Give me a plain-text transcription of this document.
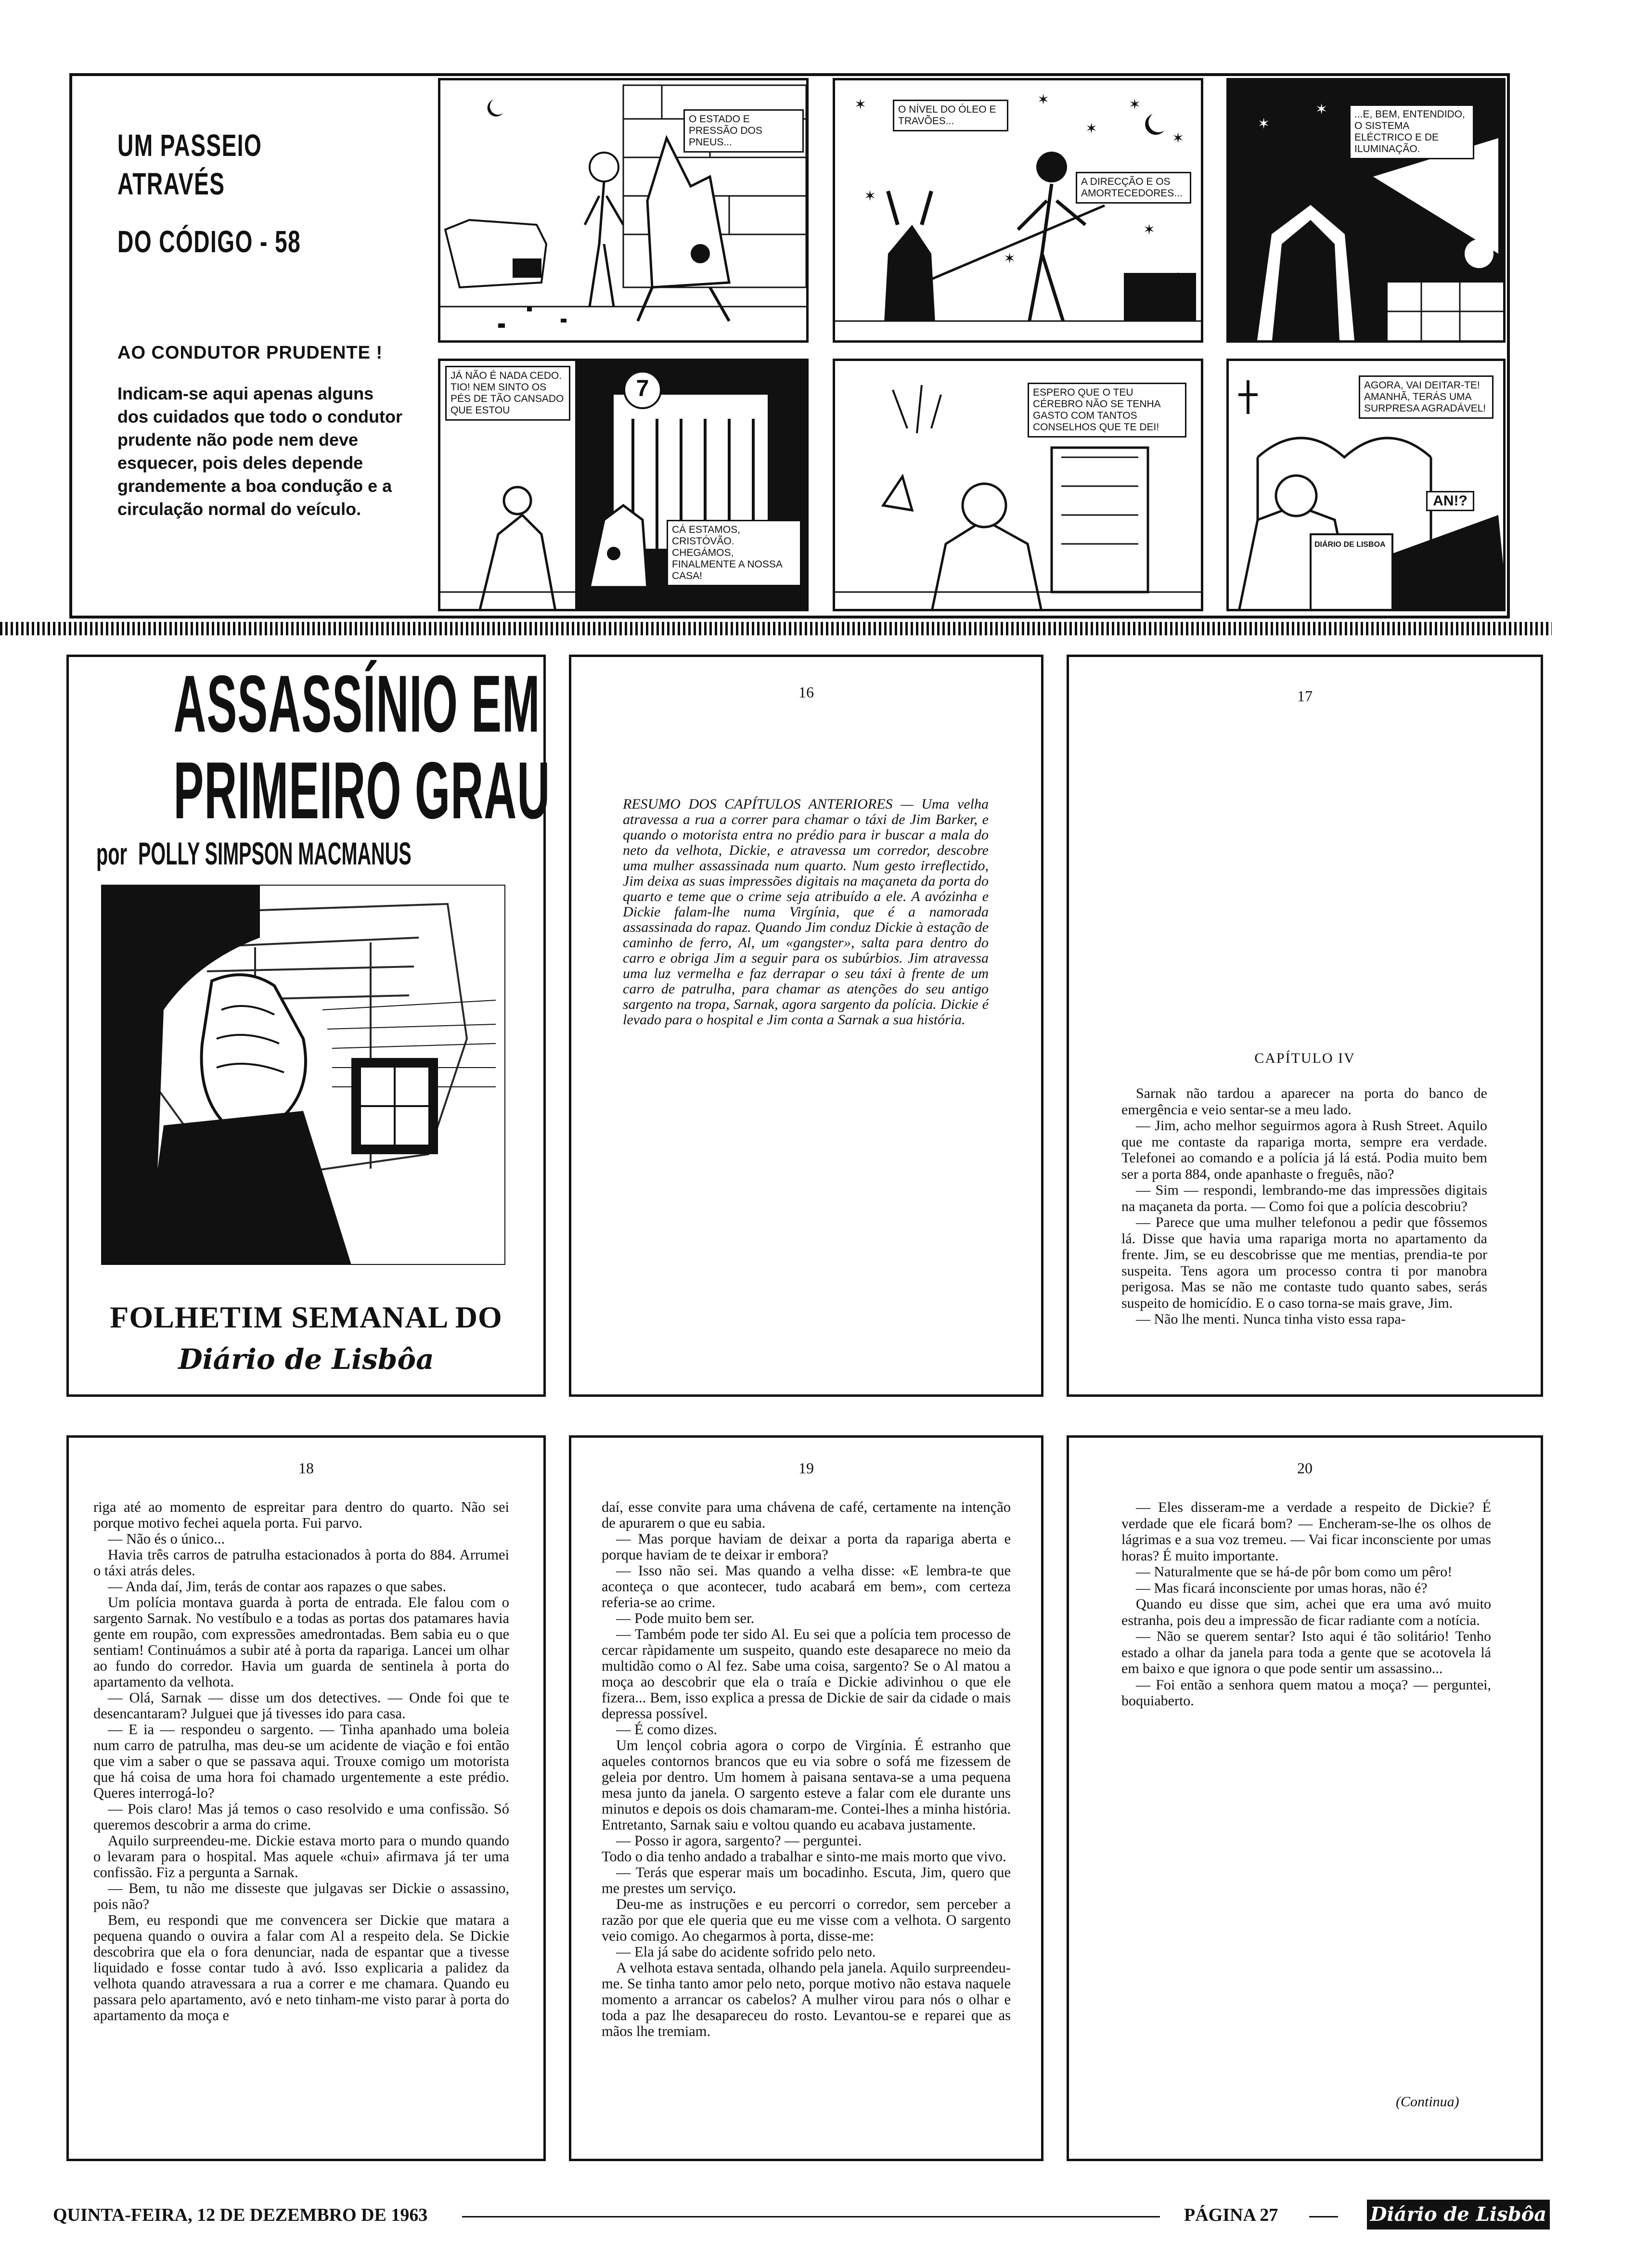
UM PASSEIO ATRAVÉS
DO CÓDIGO - 58
AO CONDUTOR PRUDENTE !
Indicam-se aqui apenas alguns dos cuidados que todo o condutor prudente não pode nem deve esquecer, pois deles depende grandemente a boa condução e a circulação normal do veículo.
O ESTADO E PRESSÃO DOS PNEUS...
✶	✶
✶
✶
✶
✶
✶
✶
O NÍVEL DO ÓLEO E TRAVÕES...
A DIRECÇÃO E OS AMORTECEDORES...
✶
✶	...E, BEM, ENTENDIDO, O SISTEMA ELÉCTRICO E DE ILUMINAÇÃO.
JÁ NÃO É NADA CEDO. TIO! NEM SINTO OS PÉS DE TÃO CANSADO QUE ESTOU
7
CÁ ESTAMOS, CRISTÓVÃO. CHEGÁMOS, FINALMENTE A NOSSA CASA!
ESPERO QUE O TEU CÉREBRO NÃO SE TENHA GASTO COM TANTOS CONSELHOS QUE TE DEI!
AGORA, VAI DEITAR-TE! AMANHÃ, TERÁS UMA SURPRESA AGRADÁVEL!
AN!?
DIÁRIO DE LISBOA
ASSASSÍNIO EM
PRIMEIRO GRAU
por POLLY SIMPSON MACMANUS
FOLHETIM SEMANAL DO
Diário de Lisbôa
16
RESUMO DOS CAPÍTULOS ANTERIORES — Uma velha atravessa a rua a correr para chamar o táxi de Jim Barker, e quando o motorista entra no prédio para ir buscar a mala do neto da velhota, Dickie, e atravessa um corredor, descobre uma mulher assassinada num quarto. Num gesto irreflectido, Jim deixa as suas impressões digitais na maçaneta da porta do quarto e teme que o crime seja atribuído a ele. A avózinha e Dickie falam-lhe numa Virgínia, que é a namorada assassinada do rapaz. Quando Jim conduz Dickie à estação de caminho de ferro, Al, um «gangster», salta para dentro do carro e obriga Jim a seguir para os subúrbios. Jim atravessa uma luz vermelha e faz derrapar o seu táxi à frente de um carro de patrulha, para chamar as atenções do seu antigo sargento na tropa, Sarnak, agora sargento da polícia. Dickie é levado para o hospital e Jim conta a Sarnak a sua história.
17
CAPÍTULO IV

Sarnak não tardou a aparecer na porta do banco de emergência e veio sentar-se a meu lado.

— Jim, acho melhor seguirmos agora à Rush Street. Aquilo que me contaste da rapariga morta, sempre era verdade. Telefonei ao comando e a polícia já lá está. Podia muito bem ser a porta 884, onde apanhaste o freguês, não?

— Sim — respondi, lembrando-me das impressões digitais na maçaneta da porta. — Como foi que a polícia descobriu?

— Parece que uma mulher telefonou a pedir que fôssemos lá. Disse que havia uma rapariga morta no apartamento da frente. Jim, se eu descobrisse que me mentias, prendia-te por suspeita. Tens agora um processo contra ti por manobra perigosa. Mas se não me contaste tudo quanto sabes, serás suspeito de homicídio. E o caso torna-se mais grave, Jim.

— Não lhe menti. Nunca tinha visto essa rapa-

18

riga até ao momento de espreitar para dentro do quarto. Não sei porque motivo fechei aquela porta. Fui parvo.

— Não és o único...

Havia três carros de patrulha estacionados à porta do 884. Arrumei o táxi atrás deles.

— Anda daí, Jim, terás de contar aos rapazes o que sabes.

Um polícia montava guarda à porta de entrada. Ele falou com o sargento Sarnak. No vestíbulo e a todas as portas dos patamares havia gente em roupão, com expressões amedrontadas. Bem sabia eu o que sentiam! Continuámos a subir até à porta da rapariga. Lancei um olhar ao fundo do corredor. Havia um guarda de sentinela à porta do apartamento da velhota.

— Olá, Sarnak — disse um dos detectives. — Onde foi que te desencantaram? Julguei que já tivesses ido para casa.

— E ia — respondeu o sargento. — Tinha apanhado uma boleia num carro de patrulha, mas deu-se um acidente de viação e foi então que vim a saber o que se passava aqui. Trouxe comigo um motorista que há coisa de uma hora foi chamado urgentemente a este prédio. Queres interrogá-lo?

— Pois claro! Mas já temos o caso resolvido e uma confissão. Só queremos descobrir a arma do crime.

Aquilo surpreendeu-me. Dickie estava morto para o mundo quando o levaram para o hospital. Mas aquele «chui» afirmava já ter uma confissão. Fiz a pergunta a Sarnak.

— Bem, tu não me disseste que julgavas ser Dickie o assassino, pois não?

Bem, eu respondi que me convencera ser Dickie que matara a pequena quando o ouvira a falar com Al a respeito dela. Se Dickie descobrira que ela o fora denunciar, nada de espantar que a tivesse liquidado e fosse contar tudo à avó. Isso explicaria a palidez da velhota quando atravessara a rua a correr e me chamara. Quando eu passara pelo apartamento, avó e neto tinham-me visto parar à porta do apartamento da moça e

19

daí, esse convite para uma chávena de café, certamente na intenção de apurarem o que eu sabia.

— Mas porque haviam de deixar a porta da rapariga aberta e porque haviam de te deixar ir embora?

— Isso não sei. Mas quando a velha disse: «E lembra-te que aconteça o que acontecer, tudo acabará em bem», com certeza referia-se ao crime.

— Pode muito bem ser.

— Também pode ter sido Al. Eu sei que a polícia tem processo de cercar ràpidamente um suspeito, quando este desaparece no meio da multidão como o Al fez. Sabe uma coisa, sargento? Se o Al matou a moça ao descobrir que ela o traía e Dickie adivinhou o que ele fizera... Bem, isso explica a pressa de Dickie de sair da cidade o mais depressa possível.

— É como dizes.

Um lençol cobria agora o corpo de Virgínia. É estranho que aqueles contornos brancos que eu via sobre o sofá me fizessem de geleia por dentro. Um homem à paisana sentava-se a uma pequena mesa junto da janela. O sargento esteve a falar com ele durante uns minutos e depois os dois chamaram-me. Contei-lhes a minha história. Entretanto, Sarnak saiu e voltou quando eu acabava justamente.

— Posso ir agora, sargento? — perguntei.

Todo o dia tenho andado a trabalhar e sinto-me mais morto que vivo.

— Terás que esperar mais um bocadinho. Escuta, Jim, quero que me prestes um serviço.

Deu-me as instruções e eu percorri o corredor, sem perceber a razão por que ele queria que eu me visse com a velhota. O sargento veio comigo. Ao chegarmos à porta, disse-me:

— Ela já sabe do acidente sofrido pelo neto.

A velhota estava sentada, olhando pela janela. Aquilo surpreendeu-me. Se tinha tanto amor pelo neto, porque motivo não estava naquele momento a arrancar os cabelos? A mulher virou para nós o olhar e toda a paz lhe desapareceu do rosto. Levantou-se e reparei que as mãos lhe tremiam.

20

— Eles disseram-me a verdade a respeito de Dickie? É verdade que ele ficará bom? — Encheram-se-lhe os olhos de lágrimas e a sua voz tremeu. — Vai ficar inconsciente por umas horas? É muito importante.

— Naturalmente que se há-de pôr bom como um pêro!

— Mas ficará inconsciente por umas horas, não é?

Quando eu disse que sim, achei que era uma avó muito estranha, pois deu a impressão de ficar radiante com a notícia.

— Não se querem sentar? Isto aqui é tão solitário! Tenho estado a olhar da janela para toda a gente que se acotovela lá em baixo e que ignora o que pode sentir um assassino...

— Foi então a senhora quem matou a moça? — perguntei, boquiaberto.

(Continua)
QUINTA-FEIRA, 12 DE DEZEMBRO DE 1963	PÁGINA 27	Diário de Lisbôa
